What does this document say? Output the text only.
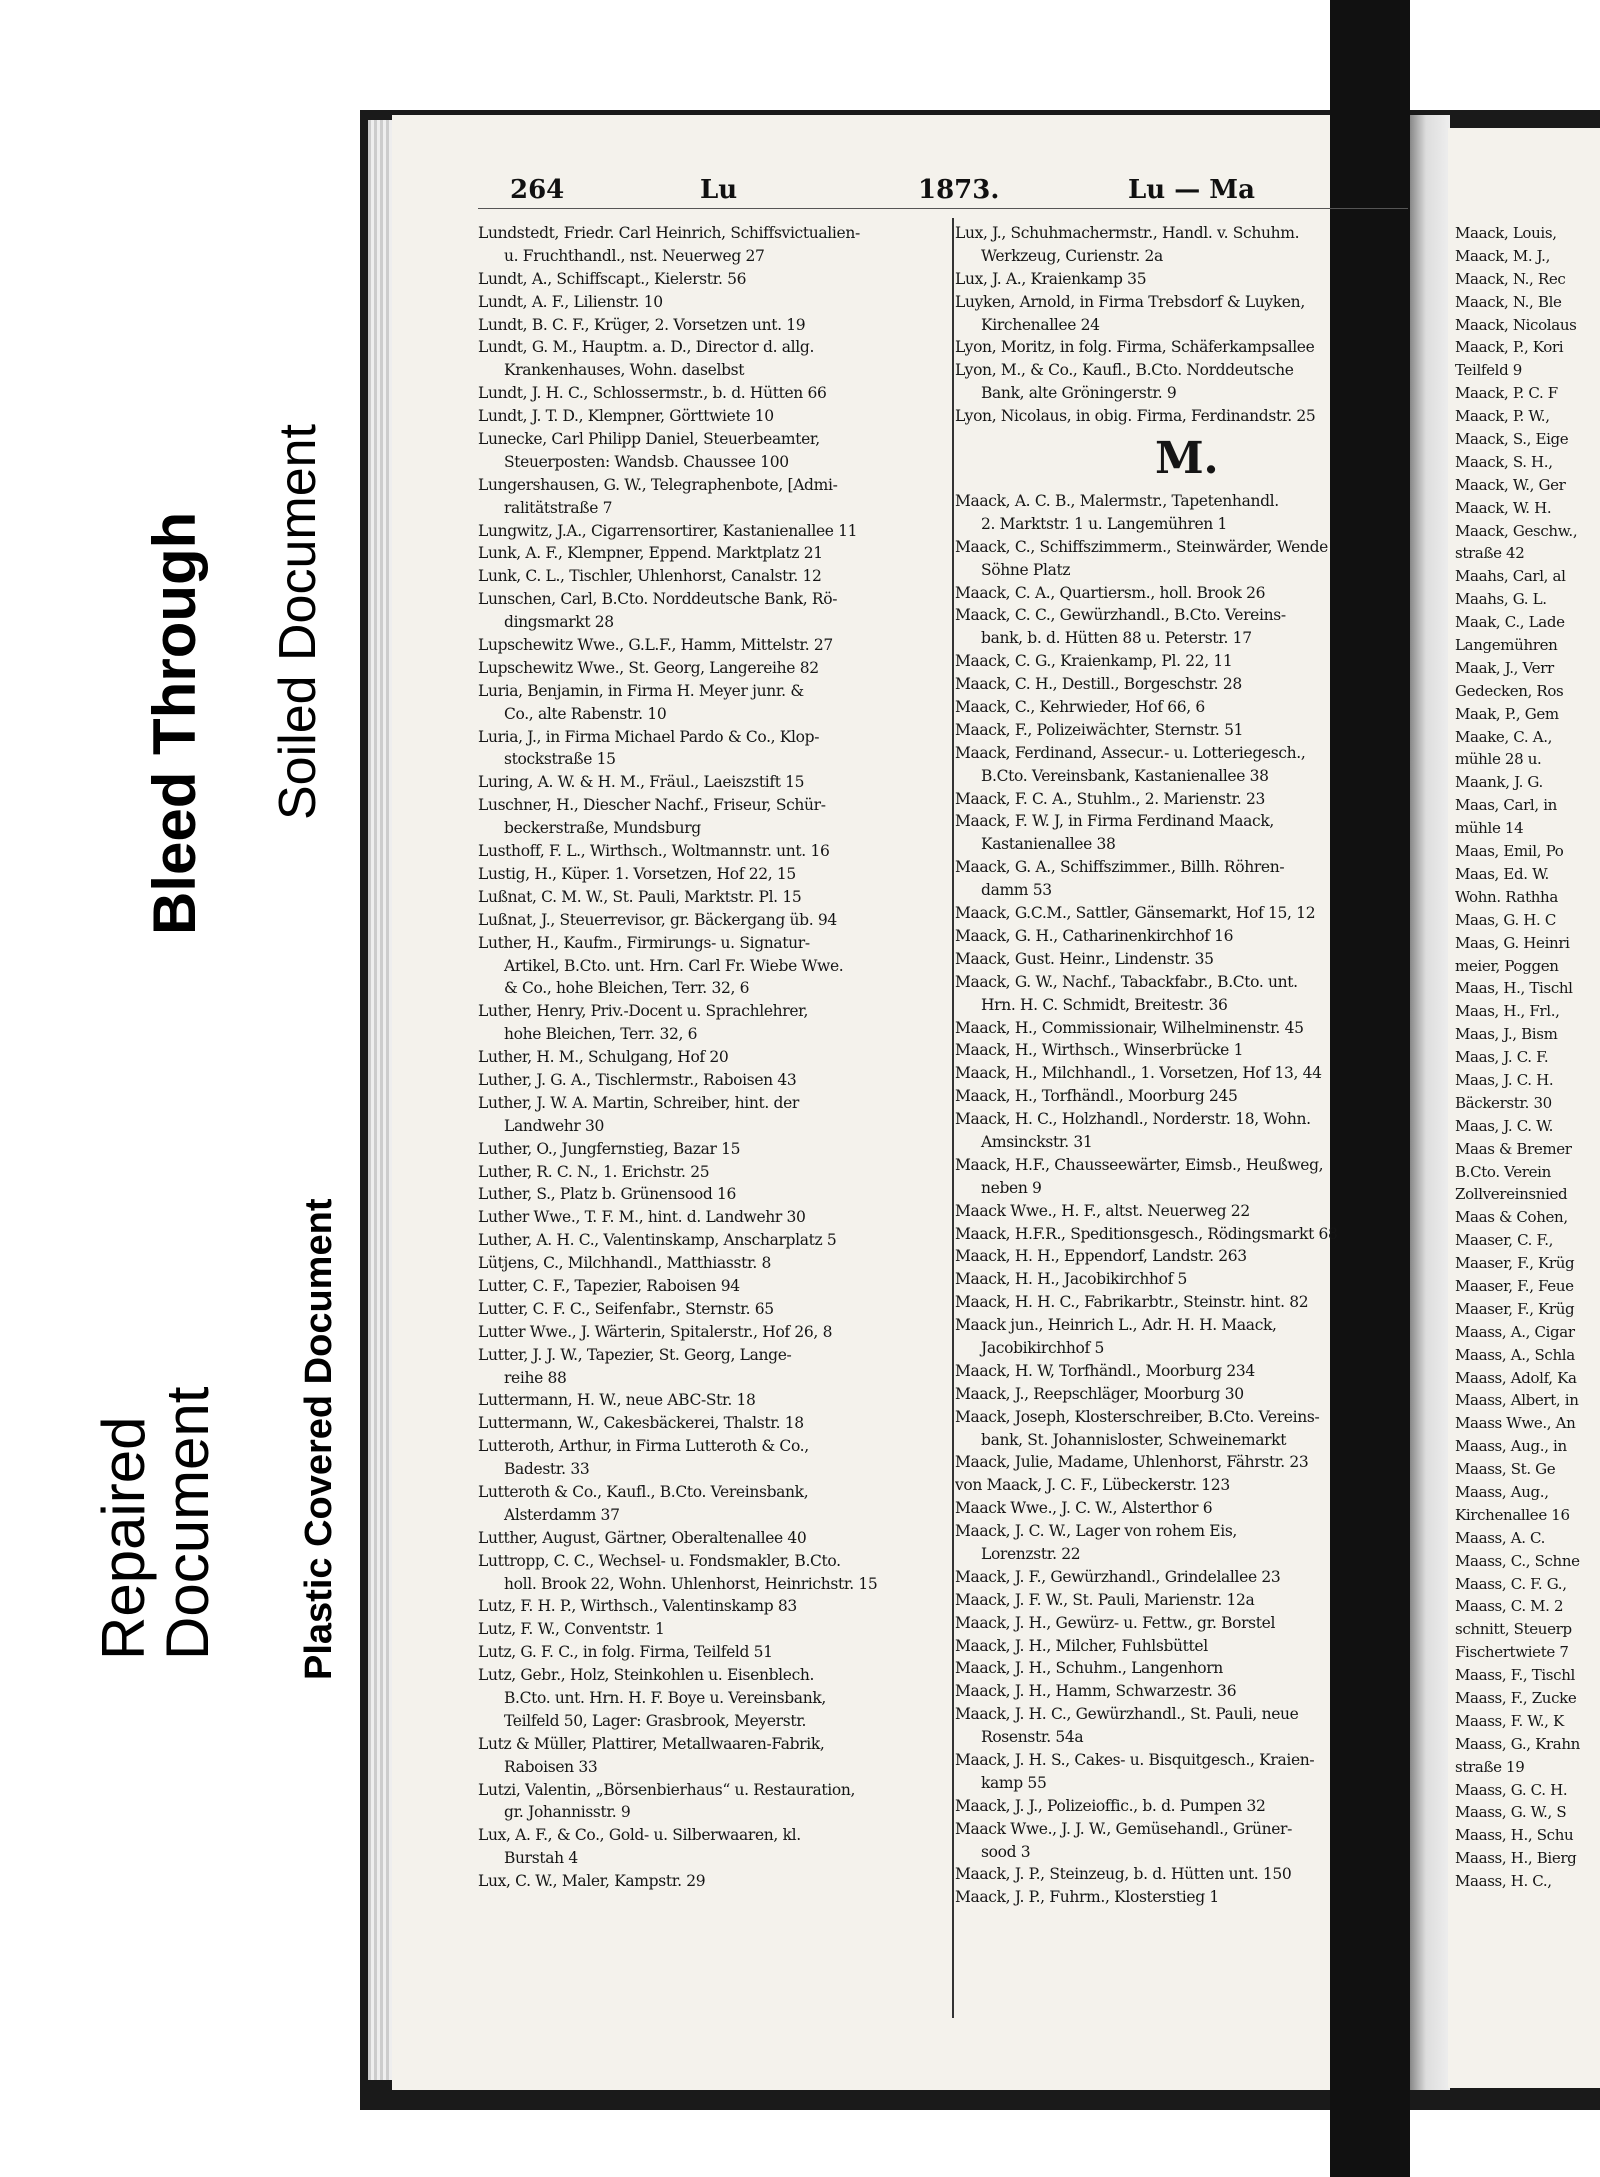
Bleed Through Soiled Document
Repaired
Document Plastic Covered Document
264	Lu	1873.	Lu — Ma
Lundstedt, Friedr. Carl Heinrich, Schiffsvictualien-
u. Fruchthandl., nst. Neuerweg 27
Lundt, A., Schiffscapt., Kielerstr. 56
Lundt, A. F., Lilienstr. 10
Lundt, B. C. F., Krüger, 2. Vorsetzen unt. 19
Lundt, G. M., Hauptm. a. D., Director d. allg.
Krankenhauses, Wohn. daselbst
Lundt, J. H. C., Schlossermstr., b. d. Hütten 66
Lundt, J. T. D., Klempner, Görttwiete 10
Lunecke, Carl Philipp Daniel, Steuerbeamter,
Steuerposten: Wandsb. Chaussee 100
Lungershausen, G. W., Telegraphenbote, [Admi-
ralitätstraße 7
Lungwitz, J.A., Cigarrensortirer, Kastanienallee 11
Lunk, A. F., Klempner, Eppend. Marktplatz 21
Lunk, C. L., Tischler, Uhlenhorst, Canalstr. 12
Lunschen, Carl, B.Cto. Norddeutsche Bank, Rö-
dingsmarkt 28
Lupschewitz Wwe., G.L.F., Hamm, Mittelstr. 27
Lupschewitz Wwe., St. Georg, Langereihe 82
Luria, Benjamin, in Firma H. Meyer junr. &
Co., alte Rabenstr. 10
Luria, J., in Firma Michael Pardo & Co., Klop-
stockstraße 15
Luring, A. W. & H. M., Fräul., Laeiszstift 15
Luschner, H., Diescher Nachf., Friseur, Schür-
beckerstraße, Mundsburg
Lusthoff, F. L., Wirthsch., Woltmannstr. unt. 16
Lustig, H., Küper. 1. Vorsetzen, Hof 22, 15
Lußnat, C. M. W., St. Pauli, Marktstr. Pl. 15
Lußnat, J., Steuerrevisor, gr. Bäckergang üb. 94
Luther, H., Kaufm., Firmirungs- u. Signatur-
Artikel, B.Cto. unt. Hrn. Carl Fr. Wiebe Wwe.
& Co., hohe Bleichen, Terr. 32, 6
Luther, Henry, Priv.-Docent u. Sprachlehrer,
hohe Bleichen, Terr. 32, 6
Luther, H. M., Schulgang, Hof 20
Luther, J. G. A., Tischlermstr., Raboisen 43
Luther, J. W. A. Martin, Schreiber, hint. der
Landwehr 30
Luther, O., Jungfernstieg, Bazar 15
Luther, R. C. N., 1. Erichstr. 25
Luther, S., Platz b. Grünensood 16
Luther Wwe., T. F. M., hint. d. Landwehr 30
Luther, A. H. C., Valentinskamp, Anscharplatz 5
Lütjens, C., Milchhandl., Matthiasstr. 8
Lutter, C. F., Tapezier, Raboisen 94
Lutter, C. F. C., Seifenfabr., Sternstr. 65
Lutter Wwe., J. Wärterin, Spitalerstr., Hof 26, 8
Lutter, J. J. W., Tapezier, St. Georg, Lange-
reihe 88
Luttermann, H. W., neue ABC-Str. 18
Luttermann, W., Cakesbäckerei, Thalstr. 18
Lutteroth, Arthur, in Firma Lutteroth & Co.,
Badestr. 33
Lutteroth & Co., Kaufl., B.Cto. Vereinsbank,
Alsterdamm 37
Lutther, August, Gärtner, Oberaltenallee 40
Luttropp, C. C., Wechsel- u. Fondsmakler, B.Cto.
holl. Brook 22, Wohn. Uhlenhorst, Heinrichstr. 15
Lutz, F. H. P., Wirthsch., Valentinskamp 83
Lutz, F. W., Conventstr. 1
Lutz, G. F. C., in folg. Firma, Teilfeld 51
Lutz, Gebr., Holz, Steinkohlen u. Eisenblech.
B.Cto. unt. Hrn. H. F. Boye u. Vereinsbank,
Teilfeld 50, Lager: Grasbrook, Meyerstr.
Lutz & Müller, Plattirer, Metallwaaren-Fabrik,
Raboisen 33
Lutzi, Valentin, „Börsenbierhaus“ u. Restauration,
gr. Johannisstr. 9
Lux, A. F., & Co., Gold- u. Silberwaaren, kl.
Burstah 4
Lux, C. W., Maler, Kampstr. 29
Lux, J., Schuhmachermstr., Handl. v. Schuhm.
Werkzeug, Curienstr. 2a
Lux, J. A., Kraienkamp 35
Luyken, Arnold, in Firma Trebsdorf & Luyken,
Kirchenallee 24
Lyon, Moritz, in folg. Firma, Schäferkampsallee
Lyon, M., & Co., Kaufl., B.Cto. Norddeutsche
Bank, alte Gröningerstr. 9
Lyon, Nicolaus, in obig. Firma, Ferdinandstr. 25
M.
Maack, A. C. B., Malermstr., Tapetenhandl.
2. Marktstr. 1 u. Langemühren 1
Maack, C., Schiffszimmerm., Steinwärder, Wende
Söhne Platz
Maack, C. A., Quartiersm., holl. Brook 26
Maack, C. C., Gewürzhandl., B.Cto. Vereins-
bank, b. d. Hütten 88 u. Peterstr. 17
Maack, C. G., Kraienkamp, Pl. 22, 11
Maack, C. H., Destill., Borgeschstr. 28
Maack, C., Kehrwieder, Hof 66, 6
Maack, F., Polizeiwächter, Sternstr. 51
Maack, Ferdinand, Assecur.- u. Lotteriegesch.,
B.Cto. Vereinsbank, Kastanienallee 38
Maack, F. C. A., Stuhlm., 2. Marienstr. 23
Maack, F. W. J, in Firma Ferdinand Maack,
Kastanienallee 38
Maack, G. A., Schiffszimmer., Billh. Röhren-
damm 53
Maack, G.C.M., Sattler, Gänsemarkt, Hof 15, 12
Maack, G. H., Catharinenkirchhof 16
Maack, Gust. Heinr., Lindenstr. 35
Maack, G. W., Nachf., Tabackfabr., B.Cto. unt.
Hrn. H. C. Schmidt, Breitestr. 36
Maack, H., Commissionair, Wilhelminenstr. 45
Maack, H., Wirthsch., Winserbrücke 1
Maack, H., Milchhandl., 1. Vorsetzen, Hof 13, 44
Maack, H., Torfhändl., Moorburg 245
Maack, H. C., Holzhandl., Norderstr. 18, Wohn.
Amsinckstr. 31
Maack, H.F., Chausseewärter, Eimsb., Heußweg,
neben 9
Maack Wwe., H. F., altst. Neuerweg 22
Maack, H.F.R., Speditionsgesch., Rödingsmarkt 68
Maack, H. H., Eppendorf, Landstr. 263
Maack, H. H., Jacobikirchhof 5
Maack, H. H. C., Fabrikarbtr., Steinstr. hint. 82
Maack jun., Heinrich L., Adr. H. H. Maack,
Jacobikirchhof 5
Maack, H. W, Torfhändl., Moorburg 234
Maack, J., Reepschläger, Moorburg 30
Maack, Joseph, Klosterschreiber, B.Cto. Vereins-
bank, St. Johannisloster, Schweinemarkt
Maack, Julie, Madame, Uhlenhorst, Fährstr. 23
von Maack, J. C. F., Lübeckerstr. 123
Maack Wwe., J. C. W., Alsterthor 6
Maack, J. C. W., Lager von rohem Eis,
Lorenzstr. 22
Maack, J. F., Gewürzhandl., Grindelallee 23
Maack, J. F. W., St. Pauli, Marienstr. 12a
Maack, J. H., Gewürz- u. Fettw., gr. Borstel
Maack, J. H., Milcher, Fuhlsbüttel
Maack, J. H., Schuhm., Langenhorn
Maack, J. H., Hamm, Schwarzestr. 36
Maack, J. H. C., Gewürzhandl., St. Pauli, neue
Rosenstr. 54a
Maack, J. H. S., Cakes- u. Bisquitgesch., Kraien-
kamp 55
Maack, J. J., Polizeioffic., b. d. Pumpen 32
Maack Wwe., J. J. W., Gemüsehandl., Grüner-
sood 3
Maack, J. P., Steinzeug, b. d. Hütten unt. 150
Maack, J. P., Fuhrm., Klosterstieg 1
Maack, Louis,
Maack, M. J.,
Maack, N., Rec
Maack, N., Ble
Maack, Nicolaus
Maack, P., Kori
Teilfeld 9
Maack, P. C. F
Maack, P. W.,
Maack, S., Eige
Maack, S. H.,
Maack, W., Ger
Maack, W. H.
Maack, Geschw.,
straße 42
Maahs, Carl, al
Maahs, G. L.
Maak, C., Lade
Langemühren
Maak, J., Verr
Gedecken, Ros
Maak, P., Gem
Maake, C. A.,
mühle 28 u.
Maank, J. G.
Maas, Carl, in
mühle 14
Maas, Emil, Po
Maas, Ed. W.
Wohn. Rathha
Maas, G. H. C
Maas, G. Heinri
meier, Poggen
Maas, H., Tischl
Maas, H., Frl.,
Maas, J., Bism
Maas, J. C. F.
Maas, J. C. H.
Bäckerstr. 30
Maas, J. C. W.
Maas & Bremer
B.Cto. Verein
Zollvereinsnied
Maas & Cohen,
Maaser, C. F.,
Maaser, F., Krüg
Maaser, F., Feue
Maaser, F., Krüg
Maass, A., Cigar
Maass, A., Schla
Maass, Adolf, Ka
Maass, Albert, in
Maass Wwe., An
Maass, Aug., in
Maass, St. Ge
Maass, Aug.,
Kirchenallee 16
Maass, A. C.
Maass, C., Schne
Maass, C. F. G.,
Maass, C. M. 2
schnitt, Steuerp
Fischertwiete 7
Maass, F., Tischl
Maass, F., Zucke
Maass, F. W., K
Maass, G., Krahn
straße 19
Maass, G. C. H.
Maass, G. W., S
Maass, H., Schu
Maass, H., Bierg
Maass, H. C.,
